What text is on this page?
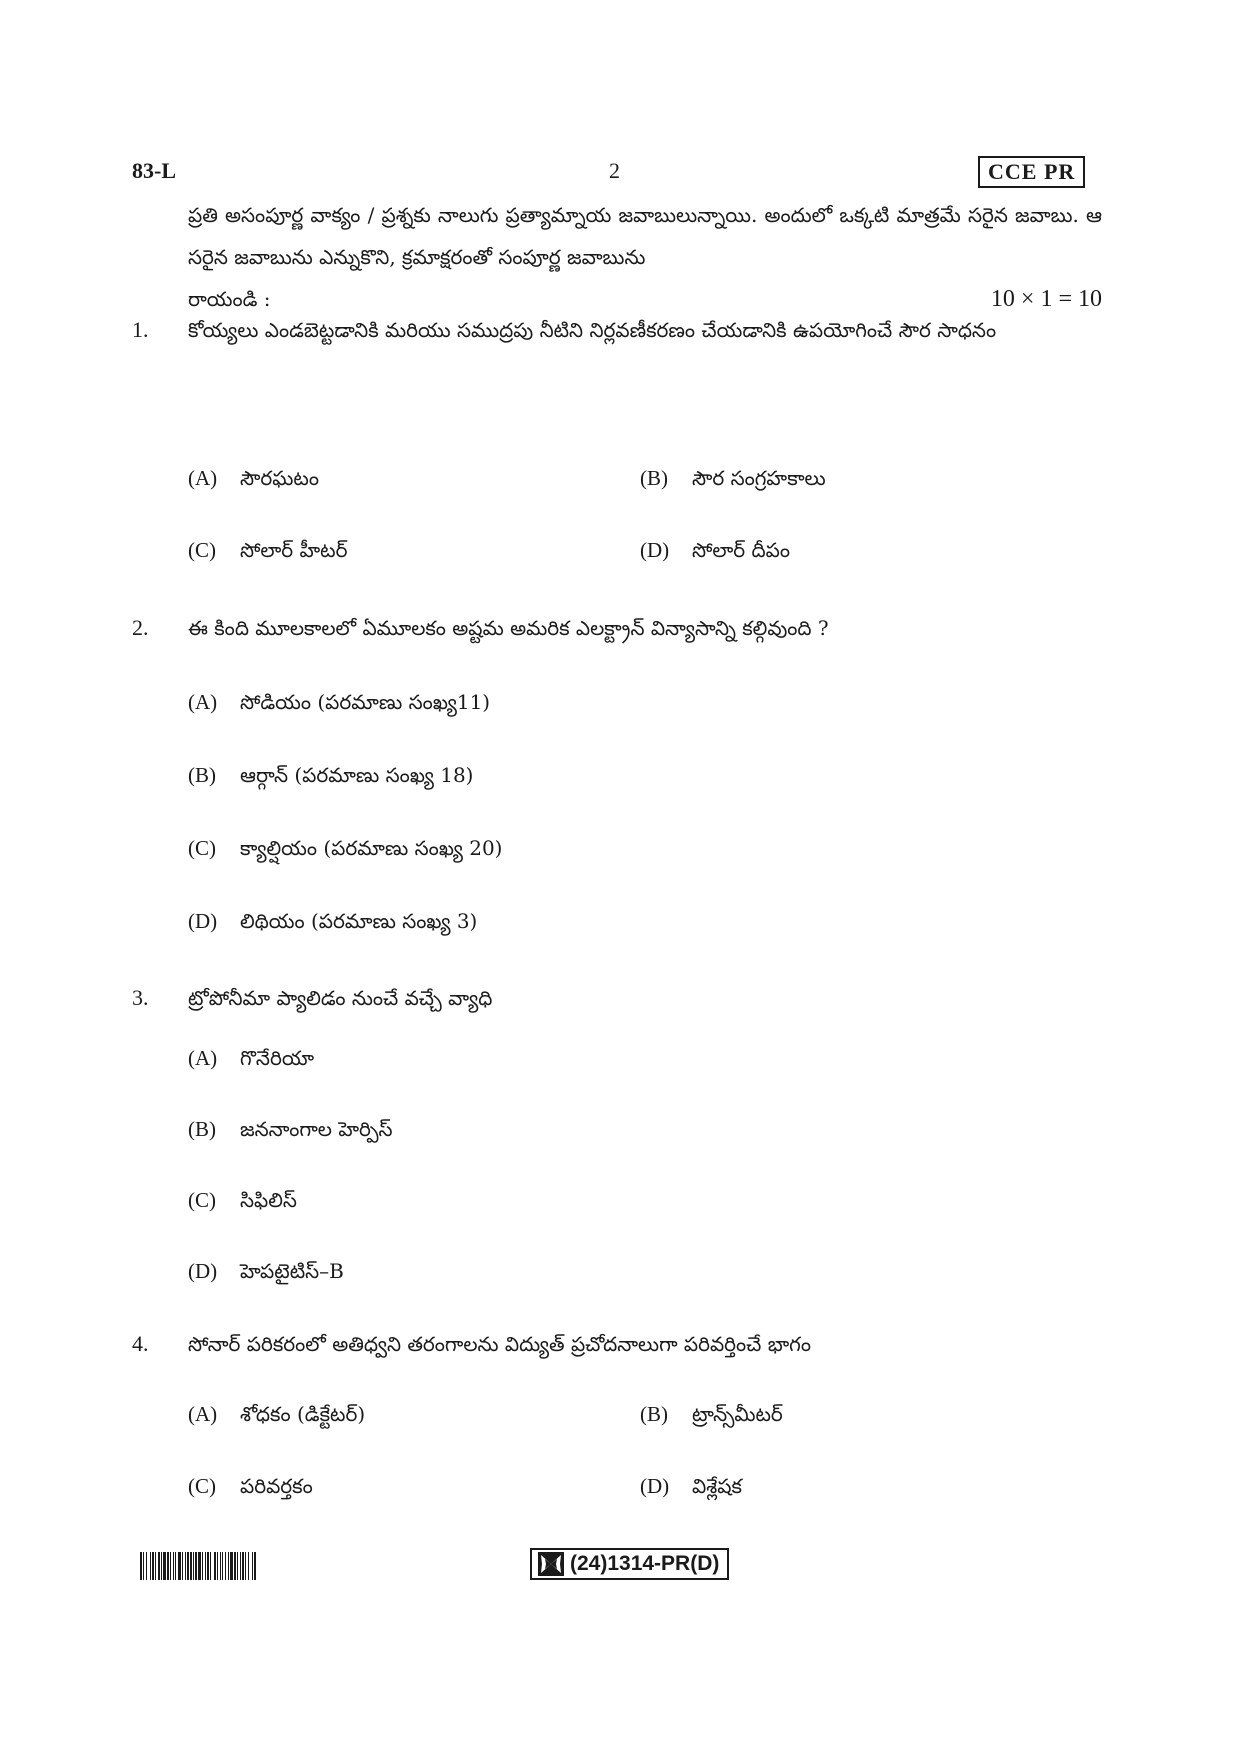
83-L	2	CCE PR

ప్రతి అసంపూర్ణ వాక్యం / ప్రశ్నకు నాలుగు ప్రత్యామ్నాయ జవాబులున్నాయి. అందులో ఒక్కటి మాత్రమే సరైన జవాబు. ఆ సరైన జవాబును ఎన్నుకొని, క్రమాక్షరంతో సంపూర్ణ జవాబును

రాయండి :	10 × 1 = 10
1. కోయ్యలు ఎండబెట్టడానికి మరియు సముద్రపు నీటిని నిర్లవణీకరణం చేయడానికి ఉపయోగించే సౌర సాధనం
(A) సౌరఘటం	(B) సౌర సంగ్రహకాలు
(C) సోలార్ హీటర్	(D) సోలార్ దీపం
2. ఈ కింది మూలకాలలో ఏమూలకం అష్టమ అమరిక ఎలక్ట్రాన్ విన్యాసాన్ని కల్గివుంది ?
(A) సోడియం (పరమాణు సంఖ్య11)
(B) ఆర్గాన్ (పరమాణు సంఖ్య 18)
(C) క్యాల్షియం (పరమాణు సంఖ్య 20)
(D) లిథియం (పరమాణు సంఖ్య 3)
3. ట్రోపోనీమా ప్యాలిడం నుంచే వచ్చే వ్యాధి
(A) గొనేరియా
(B) జననాంగాల హెర్పిస్
(C) సిఫిలిస్
(D) హెపటైటిస్–B
4. సోనార్ పరికరంలో అతిధ్వని తరంగాలను విద్యుత్ ప్రచోదనాలుగా పరివర్తించే భాగం
(A) శోధకం (డిక్టేటర్)	(B) ట్రాన్స్‌మీటర్
(C) పరివర్తకం	(D) విశ్లేషక
(24)1314-PR(D)
